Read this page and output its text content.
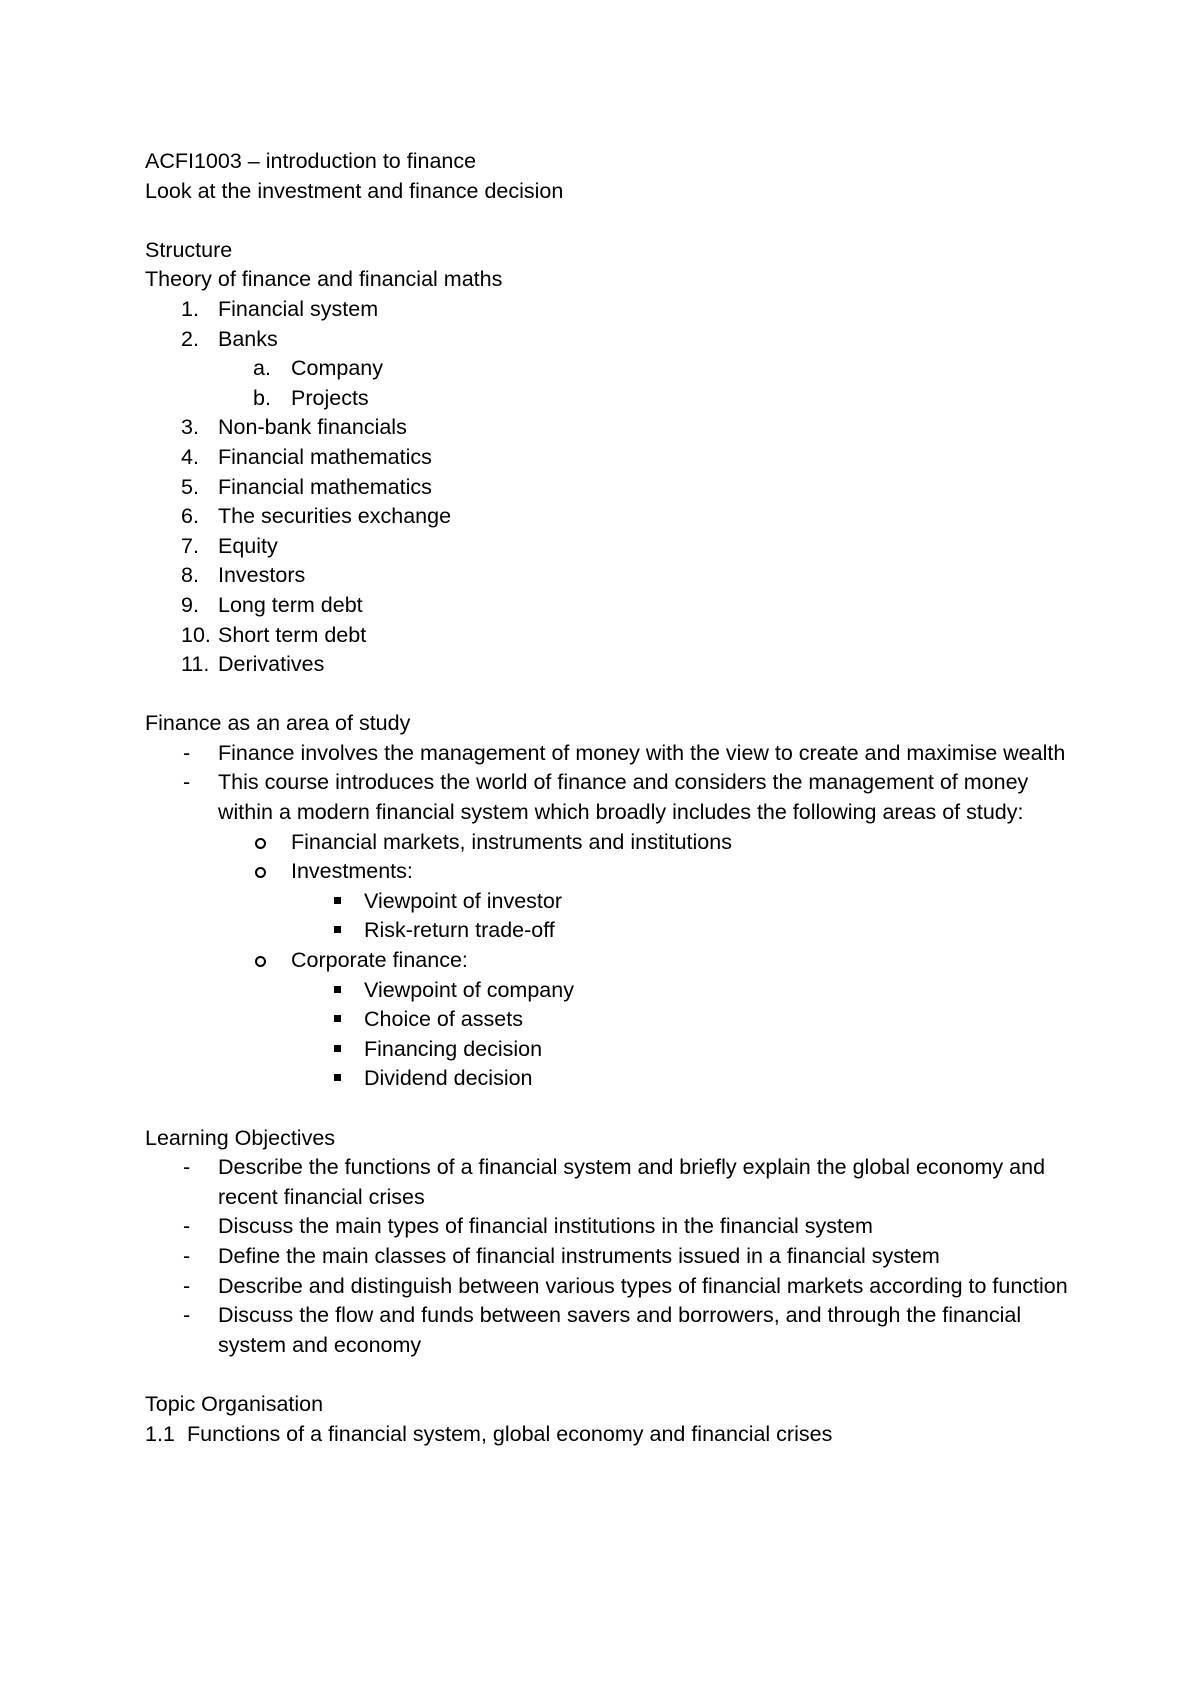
ACFI1003 – introduction to finance
Look at the investment and finance decision
Structure
Theory of finance and financial maths
1. Financial system
2. Banks
a. Company
b. Projects
3. Non-bank financials
4. Financial mathematics
5. Financial mathematics
6. The securities exchange
7. Equity
8. Investors
9. Long term debt
10. Short term debt
11. Derivatives
Finance as an area of study
- Finance involves the management of money with the view to create and maximise wealth
- This course introduces the world of finance and considers the management of money within a modern financial system which broadly includes the following areas of study:
Financial markets, instruments and institutions
Investments:
Viewpoint of investor
Risk-return trade-off
Corporate finance:
Viewpoint of company
Choice of assets
Financing decision
Dividend decision
Learning Objectives
- Describe the functions of a financial system and briefly explain the global economy and recent financial crises
- Discuss the main types of financial institutions in the financial system
- Define the main classes of financial instruments issued in a financial system
- Describe and distinguish between various types of financial markets according to function
- Discuss the flow and funds between savers and borrowers, and through the financial system and economy
Topic Organisation
1.1 Functions of a financial system, global economy and financial crises
